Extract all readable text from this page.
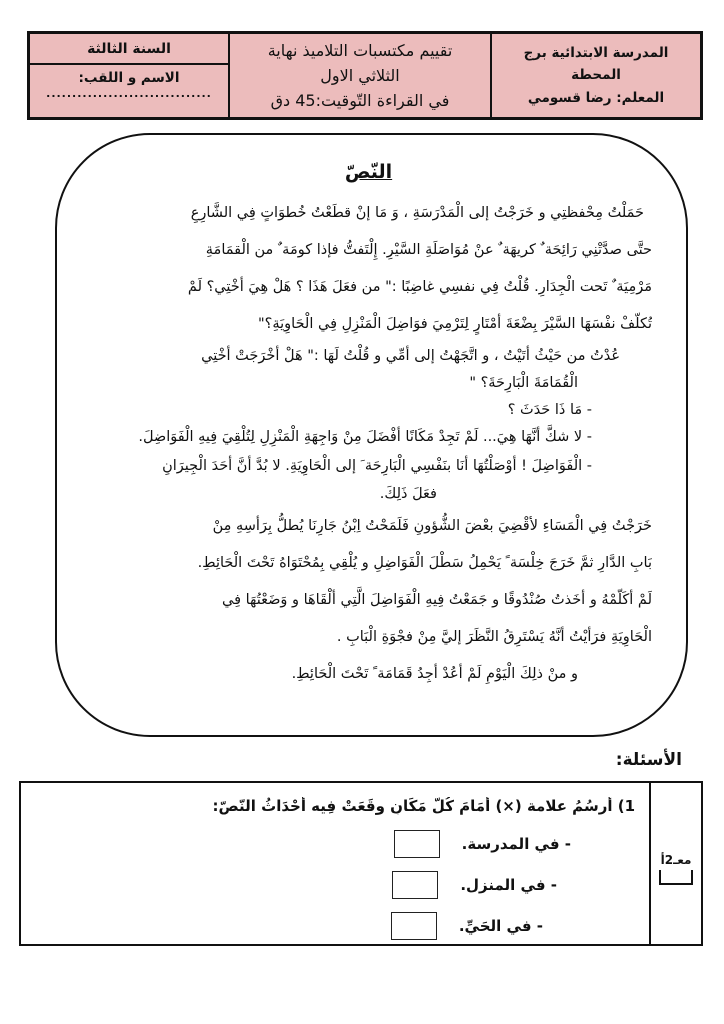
المدرسة الابتدائية برج
المحطة
المعلم: رضا قسومي
تقييم مكتسبات التلاميذ نهاية
الثلاثي الاول
في القراءة التّوقيت:45 دق
السنة الثالثة
الاسم و اللقب:
................................
النّصّ
حَمَلْتُ مِحْفظتِي و خَرَجْتُ إلى الْمَدْرَسَةِ ، وَ مَا إنْ قطَعْتُ خُطوَاتٍ فِي الشَّارِعِ
حتَّى صدَّتْنِي رَائِحَة ٌ كريهَة ٌ عنْ مُوَاصَلَةِ السَّيْرِ. إِلْتَفتُّ فإذا كومَة ٌ من الْقمَامَةِ
مَرْمِيَة ٌ تَحت الْجِدَارِ. قُلْتُ فِي نفسِي غاضِبًا :" من فعَلَ هَذَا ؟ هَلْ هِيَ أخْتِي؟ لَمْ
تُكلّفْ نفْسَهَا السَّيْرَ بِضْعَةَ أمْتَارٍ لِتَرْمِيَ فوَاضِلَ الْمَنْزِلِ فِي الْحَاوِيَةِ؟"
عُدْتُ من حَيْثُ أتَيْتُ ، و اتَّجَهْتُ إلى أمِّي و قُلْتُ لَهَا :" هَلْ أخْرَجَتْ أخْتِي
الْقُمَامَةَ الْبَارِحَةَ؟ "
- مَا ذَا حَدَثَ ؟
- لا شكَّ أنَّهَا هِيَ... لَمْ تَجِدْ مَكَانًا أفْضَلَ مِنْ وَاجِهَةِ الْمَنْزِلِ لِتُلْقِيَ فِيهِ الْفَوَاضِلَ.
- الْفَوَاضِلَ ! أوْصَلْتُهَا أنَا بنَفْسِي الْبَارِحَة َ إلى الْحَاوِيَةِ. لا بُدَّ أنَّ أحَدَ الْجِيرَانِ
فعَلَ ذَلِكَ.
خَرَجْتُ فِي الْمَسَاءِ لأقْضِيَ بعْضَ الشُّؤونِ فَلَمَحْتُ اِبْنُ جَارِنَا يُطلُّ بِرَأسِهِ مِنْ
بَابِ الدَّارِ ثمَّ خَرَجَ خِلْسَة ً يَحْمِلُ سَطْلَ الْفَوَاضِلِ و يُلْقِي بِمُحْتَوَاهُ تَحْتَ الْحَائِطِ.
لَمْ أكَلّمْهُ و أخَذتُ صُنْدُوقًا و جَمَعْتُ فِيهِ الْفَوَاضِلَ الَّتِي ألْقَاهَا و وَضَعْتُهَا فِي
الْحَاوِيَةِ فرَأيْتُ أنَّهُ يَسْتَرِقُ النَّظَرَ إليَّ مِنْ فجْوَةِ الْبَابِ .
و منْ ذلِكَ الْيَوْمِ لَمْ أعُدْ أجِدُ قَمَامَة ً تَحْتَ الْحَائِطِ.
الأسئلة:
معـ2أ
1) أرسُمُ علامة (×) أمَامَ كُلّ مَكَانٍ وقَعَتْ فِيه أحْدَاثُ النّصّ:
- في المدرسة.
- في المنزل.
- في الحَيِّ.
